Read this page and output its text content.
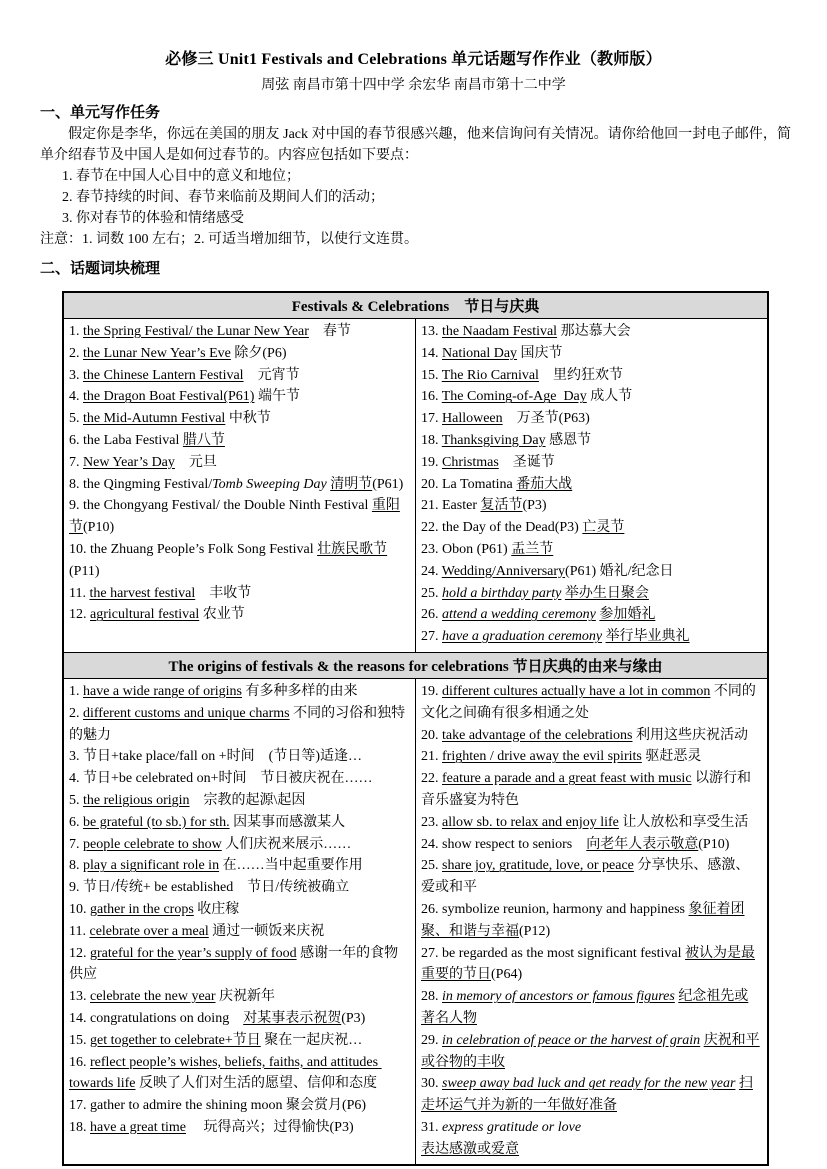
必修三 Unit1 Festivals and Celebrations 单元话题写作作业（教师版）
周弦 南昌市第十四中学 余宏华 南昌市第十二中学
一、单元写作任务
假定你是李华，你远在美国的朋友 Jack 对中国的春节很感兴趣，他来信询问有关情况。请你给他回一封电子邮件，简单介绍春节及中国人是如何过春节的。内容应包括如下要点：
1. 春节在中国人心目中的意义和地位；
2. 春节持续的时间、春节来临前及期间人们的活动；
3. 你对春节的体验和情绪感受
注意：1. 词数 100 左右；2. 可适当增加细节，以使行文连贯。
二、话题词块梳理
Festivals & Celebrations　节日与庆典	

1. the Spring Festival/ the Lunar New Year　春节
2. the Lunar New Year’s Eve 除夕(P6)
3. the Chinese Lantern Festival　元宵节
4. the Dragon Boat Festival(P61) 端午节
5. the Mid-Autumn Festival 中秋节
6. the Laba Festival 腊八节
7. New Year’s Day　元旦
8. the Qingming Festival/Tomb Sweeping Day 清明节(P61)
9. the Chongyang Festival/ the Double Ninth Festival 重阳节(P10)
10. the Zhuang People’s Folk Song Festival 壮族民歌节(P11)
11. the harvest festival　丰收节
12. agricultural festival 农业节

13. the Naadam Festival 那达慕大会
14. National Day 国庆节
15. The Rio Carnival　里约狂欢节
16. The Coming-of-Age  Day 成人节
17. Halloween　万圣节(P63)
18. Thanksgiving Day 感恩节
19. Christmas　圣诞节
20. La Tomatina 番茄大战
21. Easter 复活节(P3)
22. the Day of the Dead(P3) 亡灵节
23. Obon (P61) 盂兰节
24. Wedding/Anniversary(P61) 婚礼/纪念日
25. hold a birthday party 举办生日聚会
26. attend a wedding ceremony 参加婚礼
27. have a graduation ceremony 举行毕业典礼

The origins of festivals & the reasons for celebrations 节日庆典的由来与缘由	

1. have a wide range of origins 有多种多样的由来
2. different customs and unique charms 不同的习俗和独特的魅力
3. 节日+take place/fall on +时间　(节日等)适逢…
4. 节日+be celebrated on+时间　节日被庆祝在……
5. the religious origin　宗教的起源\起因
6. be grateful (to sb.) for sth. 因某事而感激某人
7. people celebrate to show 人们庆祝来展示……
8. play a significant role in 在……当中起重要作用
9. 节日/传统+ be established　节日/传统被确立
10. gather in the crops 收庄稼
11. celebrate over a meal 通过一顿饭来庆祝
12. grateful for the year’s supply of food 感谢一年的食物供应
13. celebrate the new year 庆祝新年
14. congratulations on doing　对某事表示祝贺(P3)
15. get together to celebrate+节日 聚在一起庆祝…
16. reflect people’s wishes, beliefs, faiths, and attitudes towards life 反映了人们对生活的愿望、信仰和态度
17. gather to admire the shining moon 聚会赏月(P6)
18. have a great time　 玩得高兴；过得愉快(P3)

19. different cultures actually have a lot in common 不同的文化之间确有很多相通之处
20. take advantage of the celebrations 利用这些庆祝活动
21. frighten / drive away the evil spirits 驱赶恶灵
22. feature a parade and a great feast with music 以游行和音乐盛宴为特色
23. allow sb. to relax and enjoy life 让人放松和享受生活
24. show respect to seniors　向老年人表示敬意(P10)
25. share joy, gratitude, love, or peace 分享快乐、感激、爱或和平
26. symbolize reunion, harmony and happiness 象征着团聚、和谐与幸福(P12)
27. be regarded as the most significant festival 被认为是最重要的节日(P64)
28. in memory of ancestors or famous figures 纪念祖先或著名人物
29. in celebration of peace or the harvest of grain 庆祝和平或谷物的丰收
30. sweep away bad luck and get ready for the new year 扫走坏运气并为新的一年做好准备
31. express gratitude or love
表达感激或爱意
